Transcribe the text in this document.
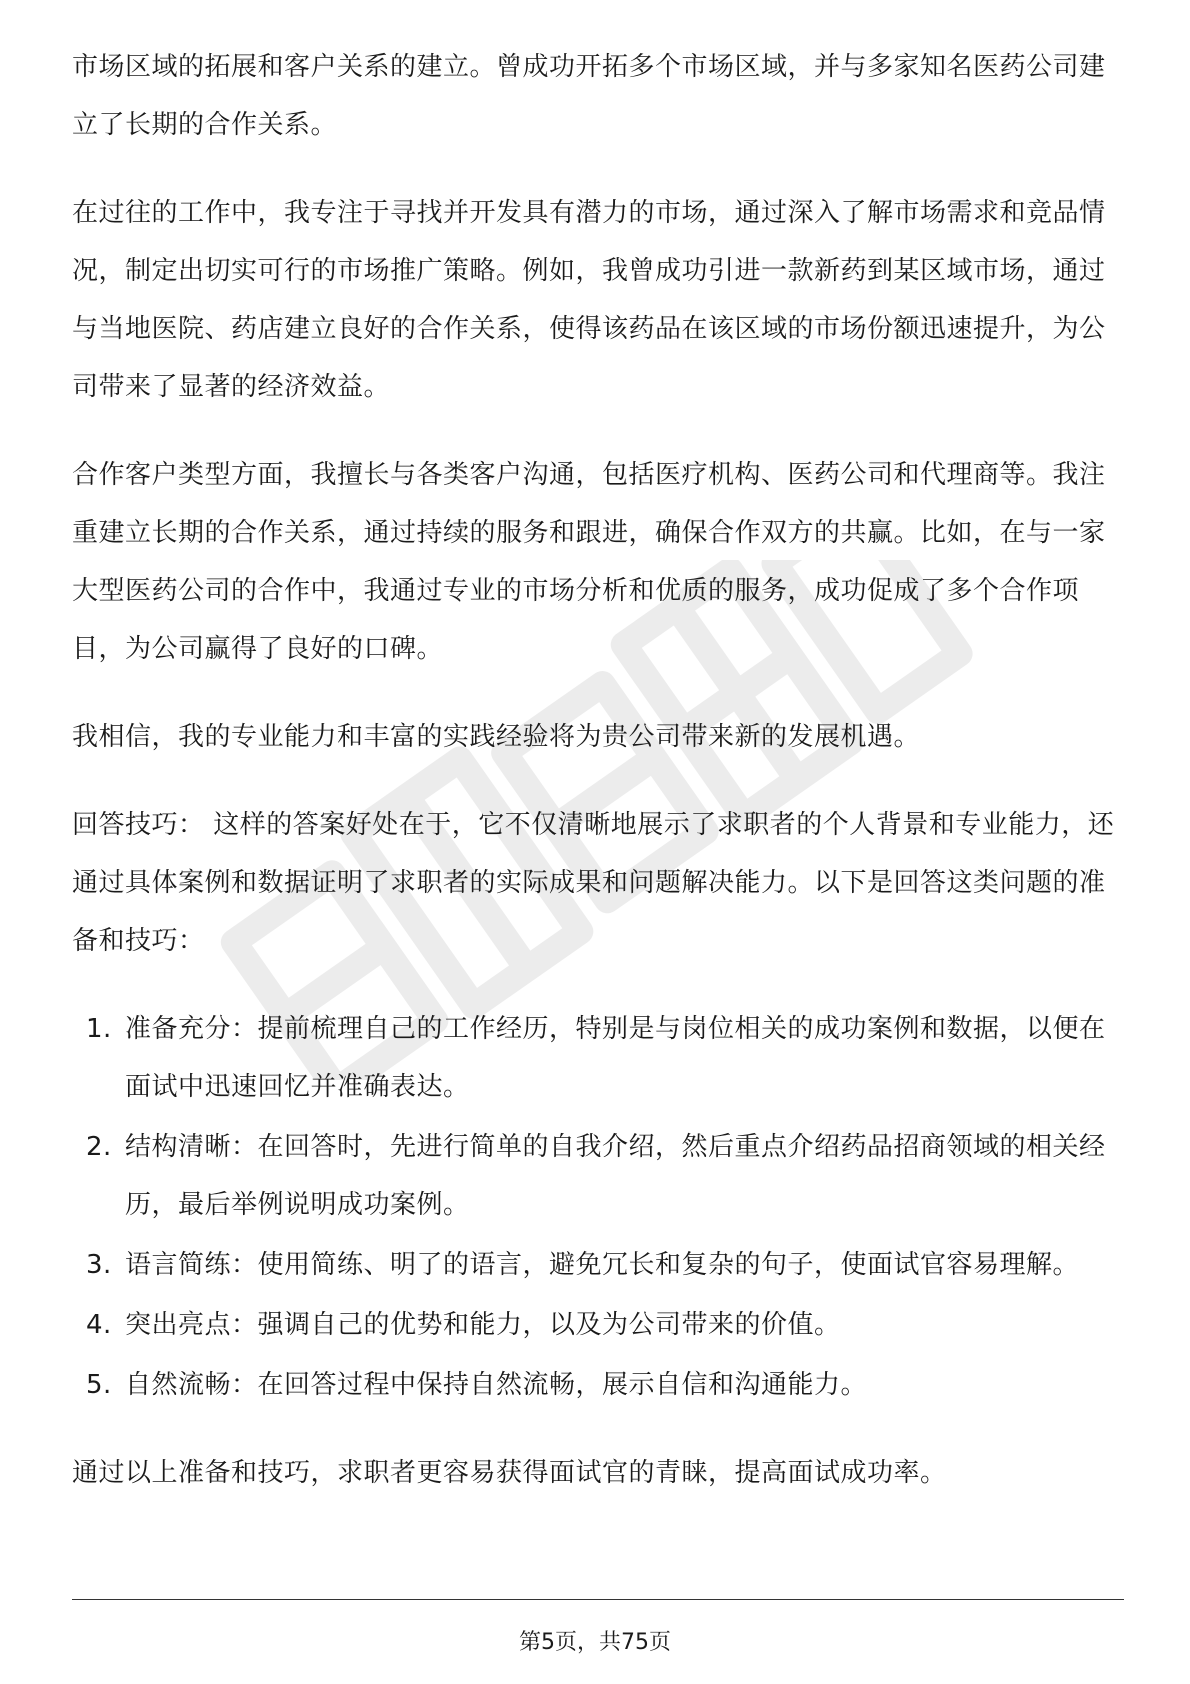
市场区域的拓展和客户关系的建立。曾成功开拓多个市场区域，并与多家知名医药公司建立了长期的合作关系。

在过往的工作中，我专注于寻找并开发具有潜力的市场，通过深入了解市场需求和竞品情况，制定出切实可行的市场推广策略。例如，我曾成功引进一款新药到某区域市场，通过与当地医院、药店建立良好的合作关系，使得该药品在该区域的市场份额迅速提升，为公司带来了显著的经济效益。

合作客户类型方面，我擅长与各类客户沟通，包括医疗机构、医药公司和代理商等。我注重建立长期的合作关系，通过持续的服务和跟进，确保合作双方的共赢。比如，在与一家大型医药公司的合作中，我通过专业的市场分析和优质的服务，成功促成了多个合作项目，为公司赢得了良好的口碑。

我相信，我的专业能力和丰富的实践经验将为贵公司带来新的发展机遇。

回答技巧： 这样的答案好处在于，它不仅清晰地展示了求职者的个人背景和专业能力，还通过具体案例和数据证明了求职者的实际成果和问题解决能力。以下是回答这类问题的准备和技巧：

1. 准备充分：提前梳理自己的工作经历，特别是与岗位相关的成功案例和数据，以便在面试中迅速回忆并准确表达。
2. 结构清晰：在回答时，先进行简单的自我介绍，然后重点介绍药品招商领域的相关经历，最后举例说明成功案例。
3. 语言简练：使用简练、明了的语言，避免冗长和复杂的句子，使面试官容易理解。
4. 突出亮点：强调自己的优势和能力，以及为公司带来的价值。
5. 自然流畅：在回答过程中保持自然流畅，展示自信和沟通能力。

通过以上准备和技巧，求职者更容易获得面试官的青睐，提高面试成功率。

第5页，共75页
